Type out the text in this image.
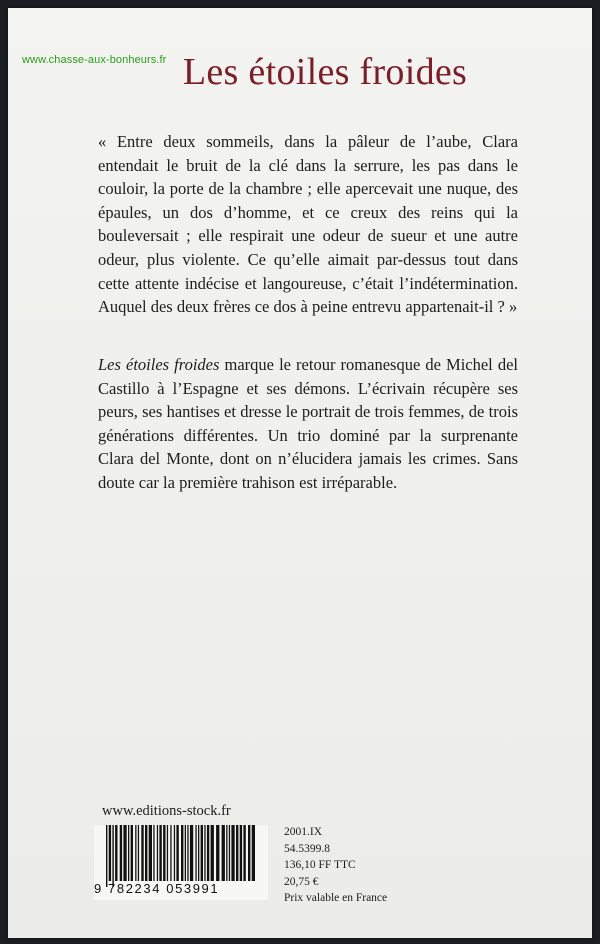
www.chasse-aux-bonheurs.fr Les étoiles froides
« Entre deux sommeils, dans la pâleur de l’aube, Clara entendait le bruit de la clé dans la serrure, les pas dans le couloir, la porte de la chambre ; elle apercevait une nuque, des épaules, un dos d’homme, et ce creux des reins qui la bouleversait ; elle respirait une odeur de sueur et une autre odeur, plus violente. Ce qu’elle aimait par-dessus tout dans cette attente indécise et langoureuse, c’était l’indétermination. Auquel des deux frères ce dos à peine entrevu appartenait-il ? »
Les étoiles froides marque le retour romanesque de Michel del Castillo à l’Espagne et ses démons. L’écrivain récupère ses peurs, ses hantises et dresse le portrait de trois femmes, de trois générations différentes. Un trio dominé par la surprenante Clara del Monte, dont on n’élucidera jamais les crimes. Sans doute car la première trahison est irréparable.
www.editions-stock.fr
9 782234 053991
2001.IX
54.5399.8
136,10 FF TTC
20,75 €
Prix valable en France
